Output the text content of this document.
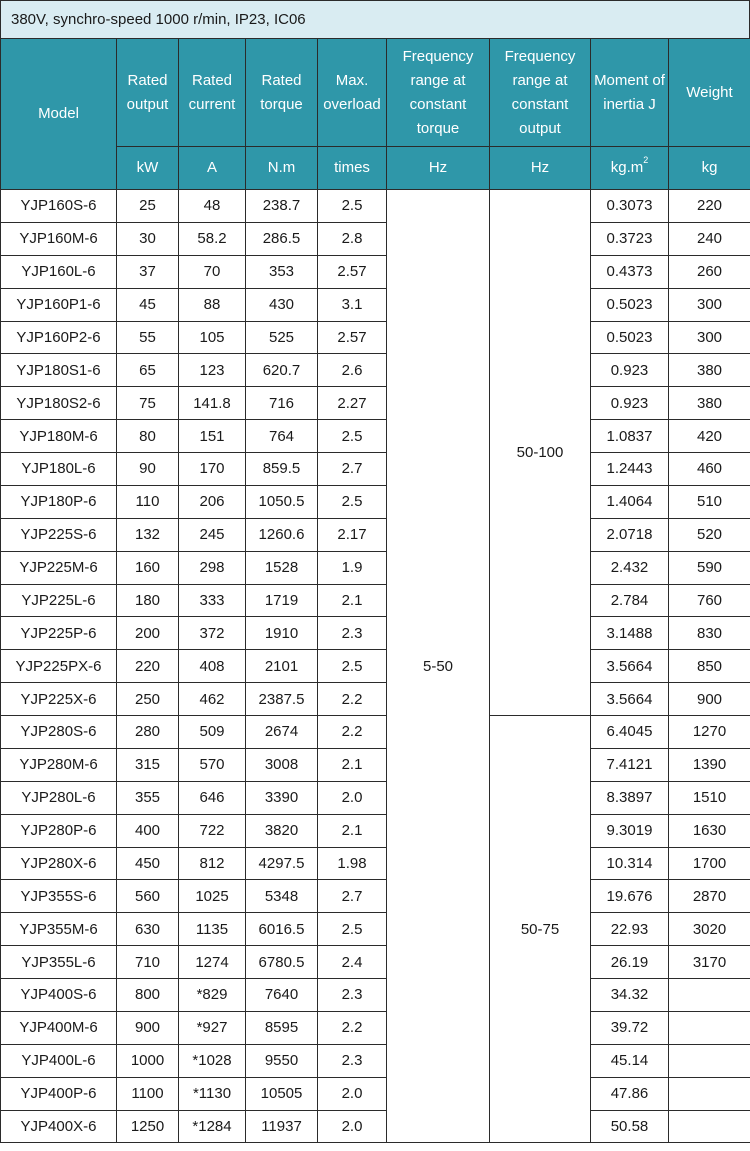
380V, synchro-speed 1000 r/min, IP23, IC06
Model	Rated output	Rated current	Rated torque	Max. overload	Frequency range at constant torque	Frequency range at constant output	Moment of inertia J	Weight
	kW	A	N.m	times	Hz	Hz	$kg.m^2$	kg
YJP160S-6	25	48	238.7	2.5	5-50	50-100	0.3073	220
YJP160M-6	30	58.2	286.5	2.8			0.3723	240
YJP160L-6	37	70	353	2.57			0.4373	260
YJP160P1-6	45	88	430	3.1			0.5023	300
YJP160P2-6	55	105	525	2.57			0.5023	300
YJP180S1-6	65	123	620.7	2.6			0.923	380
YJP180S2-6	75	141.8	716	2.27			0.923	380
YJP180M-6	80	151	764	2.5			1.0837	420
YJP180L-6	90	170	859.5	2.7			1.2443	460
YJP180P-6	110	206	1050.5	2.5			1.4064	510
YJP225S-6	132	245	1260.6	2.17			2.0718	520
YJP225M-6	160	298	1528	1.9			2.432	590
YJP225L-6	180	333	1719	2.1			2.784	760
YJP225P-6	200	372	1910	2.3			3.1488	830
YJP225PX-6	220	408	2101	2.5			3.5664	850
YJP225X-6	250	462	2387.5	2.2			3.5664	900
YJP280S-6	280	509	2674	2.2		50-75	6.4045	1270
YJP280M-6	315	570	3008	2.1			7.4121	1390
YJP280L-6	355	646	3390	2.0			8.3897	1510
YJP280P-6	400	722	3820	2.1			9.3019	1630
YJP280X-6	450	812	4297.5	1.98			10.314	1700
YJP355S-6	560	1025	5348	2.7			19.676	2870
YJP355M-6	630	1135	6016.5	2.5			22.93	3020
YJP355L-6	710	1274	6780.5	2.4			26.19	3170
YJP400S-6	800	*829	7640	2.3			34.32	
YJP400M-6	900	*927	8595	2.2			39.72	
YJP400L-6	1000	*1028	9550	2.3			45.14	
YJP400P-6	1100	*1130	10505	2.0			47.86	
YJP400X-6	1250	*1284	11937	2.0			50.58	
